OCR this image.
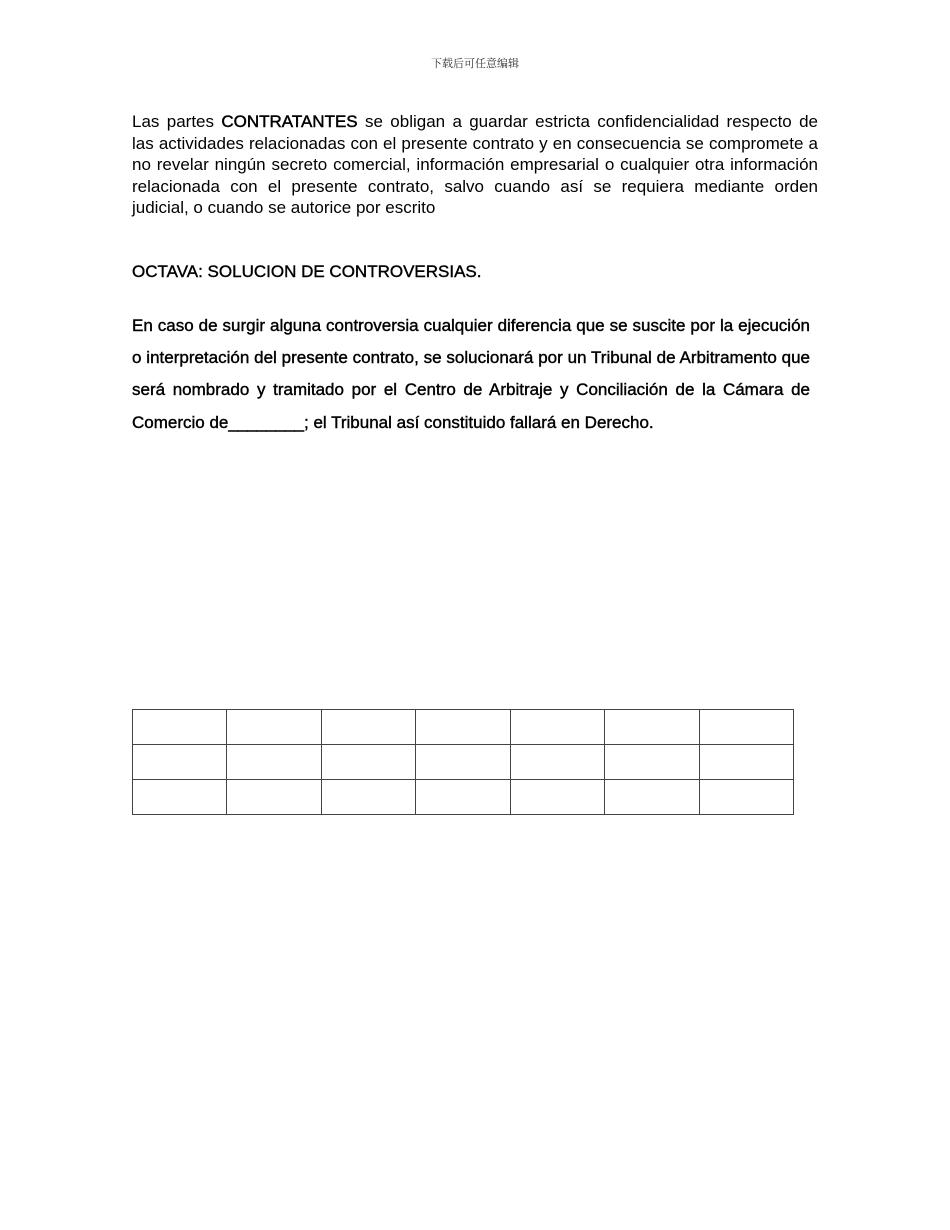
下载后可任意编辑

Las partes CONTRATANTES se obligan a guardar estricta confidencialidad respecto de las actividades relacionadas con el presente contrato y en consecuencia se compromete a no revelar ningún secreto comercial, información empresarial o cualquier otra información relacionada con el presente contrato, salvo cuando así se requiera mediante orden judicial, o cuando se autorice por escrito

OCTAVA: SOLUCION DE CONTROVERSIAS.

En caso de surgir alguna controversia cualquier diferencia que se suscite por la ejecución o interpretación del presente contrato, se solucionará por un Tribunal de Arbitramento que será nombrado y tramitado por el Centro de Arbitraje y Conciliación de la Cámara de Comercio de________; el Tribunal así constituido fallará en Derecho.
